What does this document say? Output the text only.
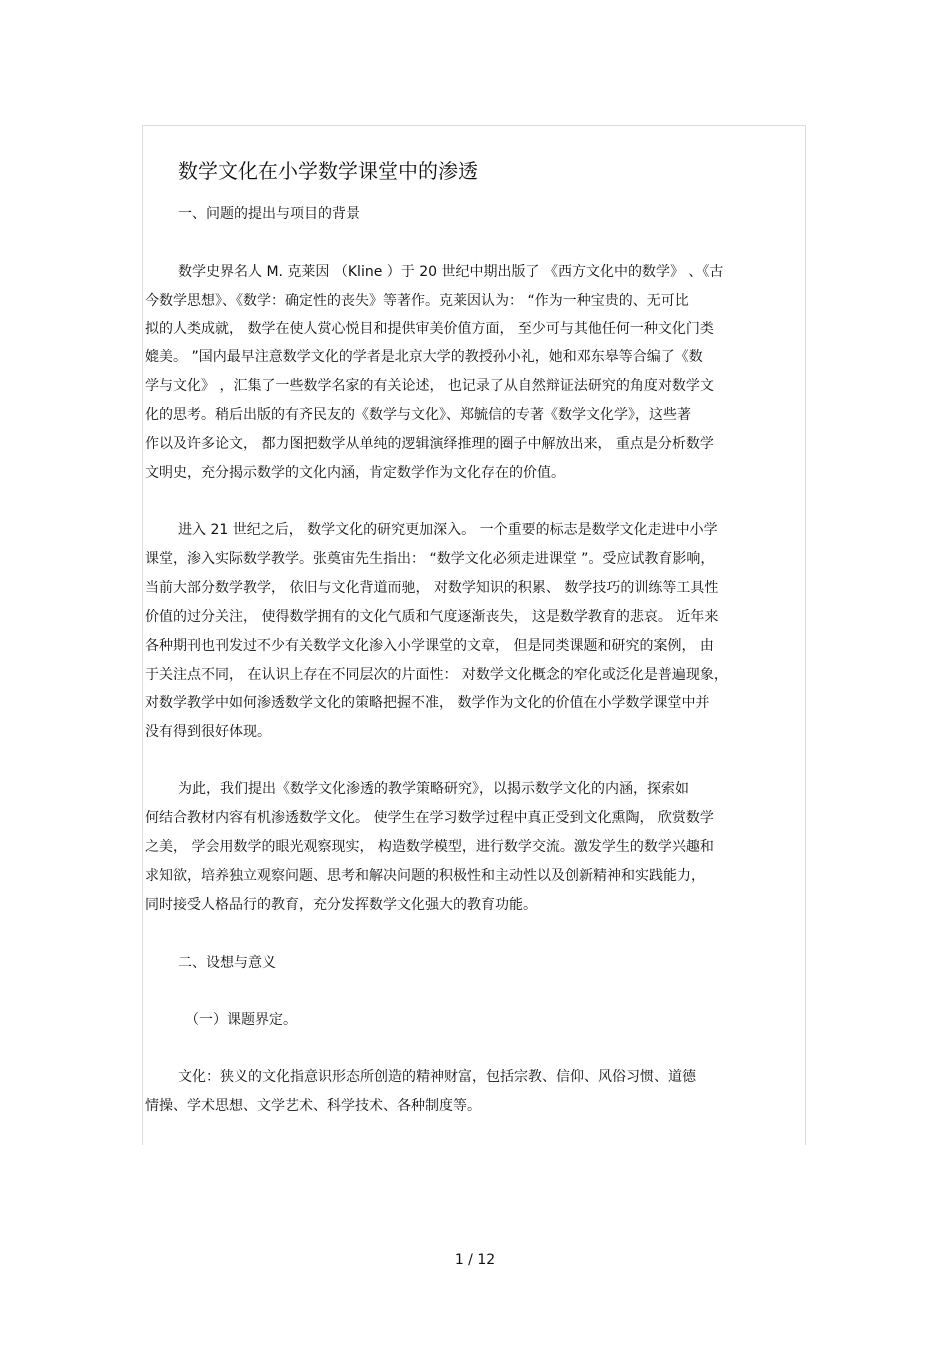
数学文化在小学数学课堂中的渗透
一、问题的提出与项目的背景
数学史界名人 M. 克莱因 （Kline ）于 20 世纪中期出版了 《西方文化中的数学》 、《古
今数学思想》、《数学：确定性的丧失》等著作。克莱因认为： “作为一种宝贵的、无可比
拟的人类成就， 数学在使人赏心悦目和提供审美价值方面， 至少可与其他任何一种文化门类
媲美。 ”国内最早注意数学文化的学者是北京大学的教授孙小礼，她和邓东皋等合编了《数
学与文化》 ，汇集了一些数学名家的有关论述， 也记录了从自然辩证法研究的角度对数学文
化的思考。稍后出版的有齐民友的《数学与文化》、郑毓信的专著《数学文化学》，这些著
作以及许多论文， 都力图把数学从单纯的逻辑演绎推理的圈子中解放出来， 重点是分析数学
文明史，充分揭示数学的文化内涵，肯定数学作为文化存在的价值。
进入 21 世纪之后， 数学文化的研究更加深入。 一个重要的标志是数学文化走进中小学
课堂，渗入实际数学教学。张奠宙先生指出： “数学文化必须走进课堂 ”。受应试教育影响，
当前大部分数学教学， 依旧与文化背道而驰， 对数学知识的积累、 数学技巧的训练等工具性
价值的过分关注， 使得数学拥有的文化气质和气度逐渐丧失， 这是数学教育的悲哀。 近年来
各种期刊也刊发过不少有关数学文化渗入小学课堂的文章， 但是同类课题和研究的案例， 由
于关注点不同， 在认识上存在不同层次的片面性： 对数学文化概念的窄化或泛化是普遍现象，
对数学教学中如何渗透数学文化的策略把握不准， 数学作为文化的价值在小学数学课堂中并
没有得到很好体现。
为此，我们提出《数学文化渗透的教学策略研究》，以揭示数学文化的内涵，探索如
何结合教材内容有机渗透数学文化。 使学生在学习数学过程中真正受到文化熏陶， 欣赏数学
之美， 学会用数学的眼光观察现实， 构造数学模型，进行数学交流。激发学生的数学兴趣和
求知欲，培养独立观察问题、思考和解决问题的积极性和主动性以及创新精神和实践能力，
同时接受人格品行的教育，充分发挥数学文化强大的教育功能。
二、设想与意义
（一）课题界定。
文化：狭义的文化指意识形态所创造的精神财富，包括宗教、信仰、风俗习惯、道德
情操、学术思想、文学艺术、科学技术、各种制度等。
1 / 12
